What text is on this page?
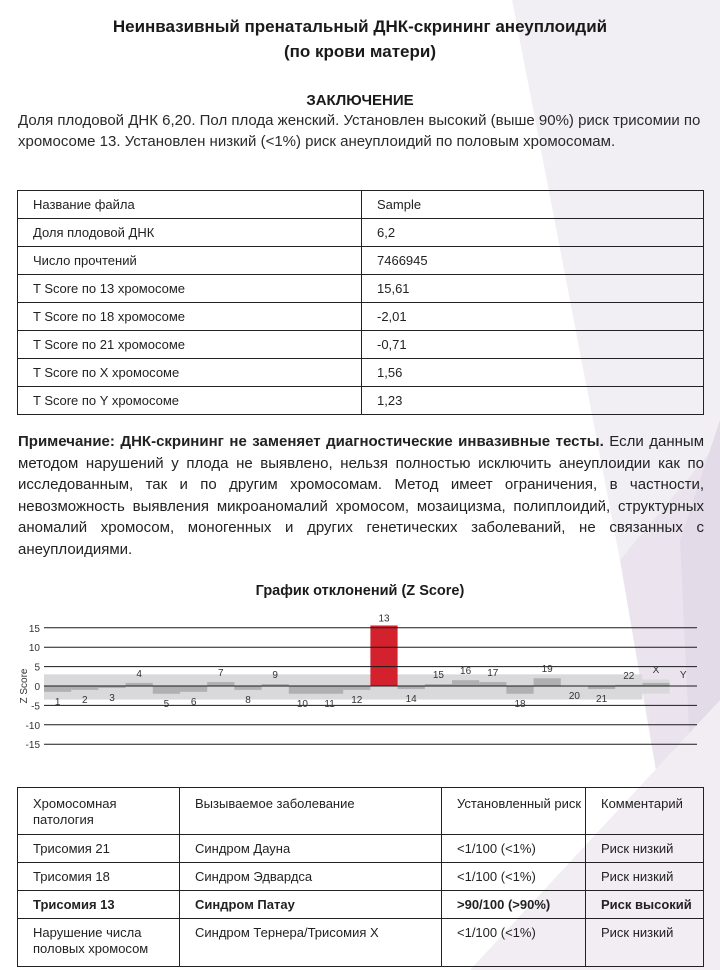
Неинвазивный пренатальный ДНК-скрининг анеуплоидий
(по крови матери)
ЗАКЛЮЧЕНИЕ
Доля плодовой ДНК 6,20. Пол плода женский. Установлен высокий (выше 90%) риск трисомии по хромосоме 13. Установлен низкий (<1%) риск анеуплоидий по половым хромосомам.
Название файла	Sample
Доля плодовой ДНК	6,2
Число прочтений	7466945
T Score по 13 хромосоме	15,61
T Score по 18 хромосоме	-2,01
T Score по 21 хромосоме	-0,71
T Score по X хромосоме	1,56
T Score по Y хромосоме	1,23
Примечание: ДНК-скрининг не заменяет диагностические инвазивные тесты. Если данным методом нарушений у плода не выявлено, нельзя полностью исключить анеуплоидии как по исследованным, так и по другим хромосомам. Метод имеет ограничения, в частности, невозможность выявления микроаномалий хромосом, мозаицизма, полиплоидий, структурных аномалий хромосом, моногенных и других генетических заболеваний, не связанных с анеуплоидиями.
График отклонений (Z Score)
15
10
5
0
-5
-10
-15
Z Score 1 2 3
4
5 6
7
8
9
10 11 12
13
14
15 16 17
18
19
20 21
22
X Y
Хромосомная патология	Вызываемое заболевание	Установленный риск	Комментарий
Трисомия 21	Синдром Дауна	<1/100 (<1%)	Риск низкий
Трисомия 18	Синдром Эдвардса	<1/100 (<1%)	Риск низкий
Трисомия 13	Синдром Патау	>90/100 (>90%)	Риск высокий
Нарушение числа половых хромосом	Синдром Тернера/Трисомия X	<1/100 (<1%)	Риск низкий
